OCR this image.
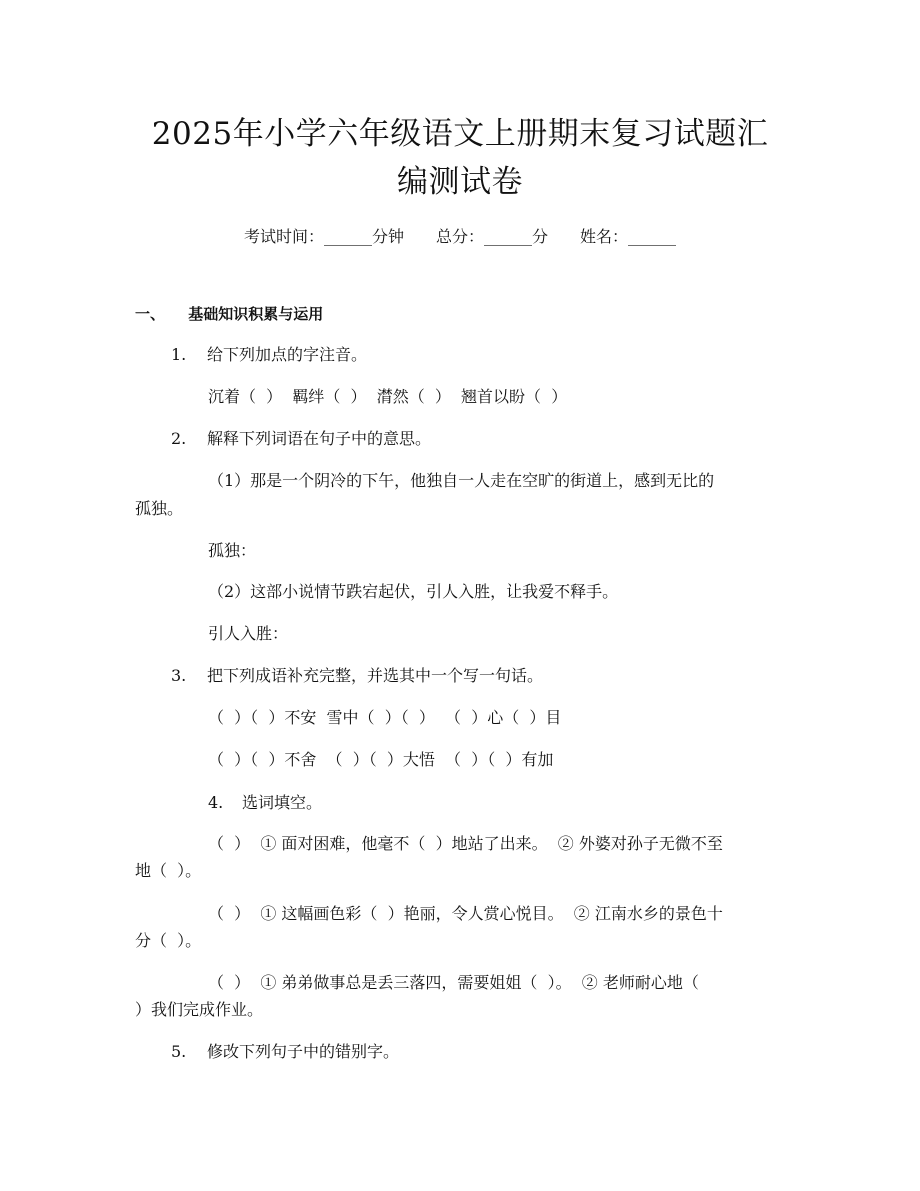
2025年小学六年级语文上册期末复习试题汇
编测试卷
考试时间：______分钟 总分：______分 姓名：______
一、 基础知识积累与运用
1. 给下列加点的字注音。
沉着（  ）  羁绊（  ）  潸然（  ）  翘首以盼（  ）
2. 解释下列词语在句子中的意思。
（1）那是一个阴冷的下午，他独自一人走在空旷的街道上，感到无比的
孤独。
孤独：
（2）这部小说情节跌宕起伏，引人入胜，让我爱不释手。
引人入胜：
3. 把下列成语补充完整，并选其中一个写一句话。
（  ）（  ）不安  雪中（  ）（  ）  （  ）心（  ）目
（  ）（  ）不舍  （  ）（  ）大悟  （  ）（  ）有加
4. 选词填空。
（  ）  ① 面对困难，他毫不（  ）地站了出来。  ② 外婆对孙子无微不至
地（  ）。
（  ）  ① 这幅画色彩（  ）艳丽，令人赏心悦目。  ② 江南水乡的景色十
分（  ）。
（  ）  ① 弟弟做事总是丢三落四，需要姐姐（  ）。  ② 老师耐心地（
）我们完成作业。
5. 修改下列句子中的错别字。
